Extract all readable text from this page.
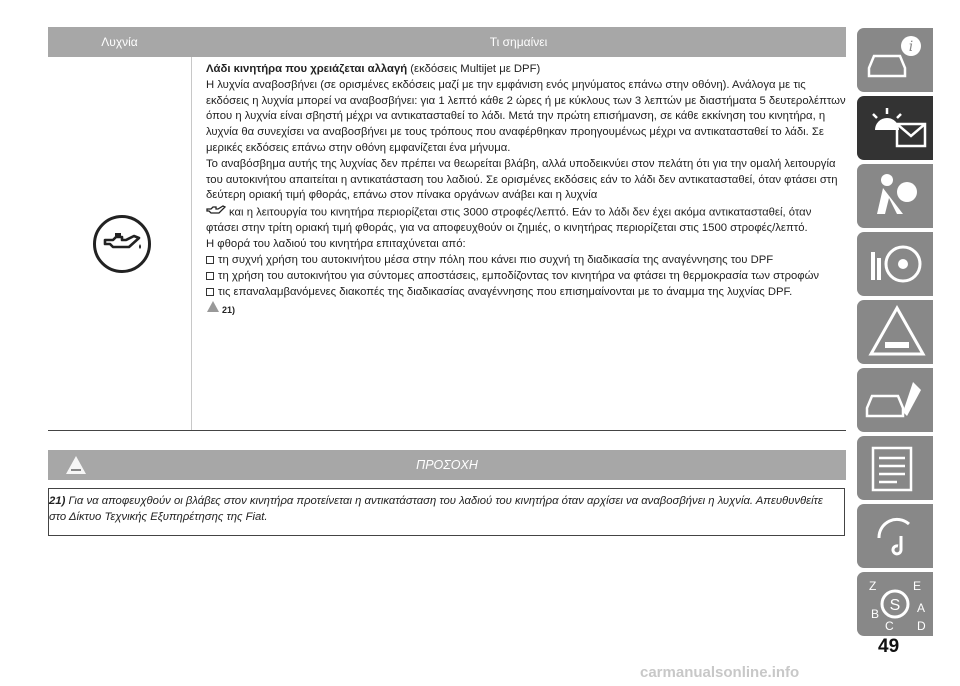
Λυχνία	Τι σημαίνει

Λάδι κινητήρα που χρειάζεται αλλαγή (εκδόσεις Multijet με DPF)

Η λυχνία αναβοσβήνει (σε ορισμένες εκδόσεις μαζί με την εμφάνιση ενός μηνύματος επάνω στην οθόνη). Ανάλογα με τις εκδόσεις η λυχνία μπορεί να αναβοσβήνει: για 1 λεπτό κάθε 2 ώρες ή με κύκλους των 3 λεπτών με διαστήματα 5 δευτερολέπτων όπου η λυχνία είναι σβηστή μέχρι να αντικατασταθεί το λάδι. Μετά την πρώτη επισήμανση, σε κάθε εκκίνηση του κινητήρα, η λυχνία θα συνεχίσει να αναβοσβήνει με τους τρόπους που αναφέρθηκαν προηγουμένως μέχρι να αντικατασταθεί το λάδι. Σε μερικές εκδόσεις επάνω στην οθόνη εμφανίζεται ένα μήνυμα.

Το αναβόσβημα αυτής της λυχνίας δεν πρέπει να θεωρείται βλάβη, αλλά υποδεικνύει στον πελάτη ότι για την ομαλή λειτουργία του αυτοκινήτου απαιτείται η αντικατάσταση του λαδιού. Σε ορισμένες εκδόσεις εάν το λάδι δεν αντικατασταθεί, όταν φτάσει στη δεύτερη οριακή τιμή φθοράς, επάνω στον πίνακα οργάνων ανάβει και η λυχνία
και η λειτουργία του κινητήρα περιορίζεται στις 3000 στροφές/λεπτό. Εάν το λάδι δεν έχει ακόμα αντικατασταθεί, όταν φτάσει στην τρίτη οριακή τιμή φθοράς, για να αποφευχθούν οι ζημιές, ο κινητήρας περιορίζεται στις 1500 στροφές/λεπτό.

Η φθορά του λαδιού του κινητήρα επιταχύνεται από:

τη συχνή χρήση του αυτοκινήτου μέσα στην πόλη που κάνει πιο συχνή τη διαδικασία της αναγέννησης του DPF

τη χρήση του αυτοκινήτου για σύντομες αποστάσεις, εμποδίζοντας τον κινητήρα να φτάσει τη θερμοκρασία των στροφών

τις επαναλαμβανόμενες διακοπές της διαδικασίας αναγέννησης που επισημαίνονται με το άναμμα της λυχνίας DPF.

21)

ΠΡΟΣΟΧΗ
21) Για να αποφευχθούν οι βλάβες στον κινητήρα προτείνεται η αντικατάσταση του λαδιού του κινητήρα όταν αρχίσει να αναβοσβήνει η λυχνία. Απευθυνθείτε στο Δίκτυο Τεχνικής Εξυπηρέτησης της Fiat.
i
S
Z	E
A
B
C D
49
carmanualsonline.info
